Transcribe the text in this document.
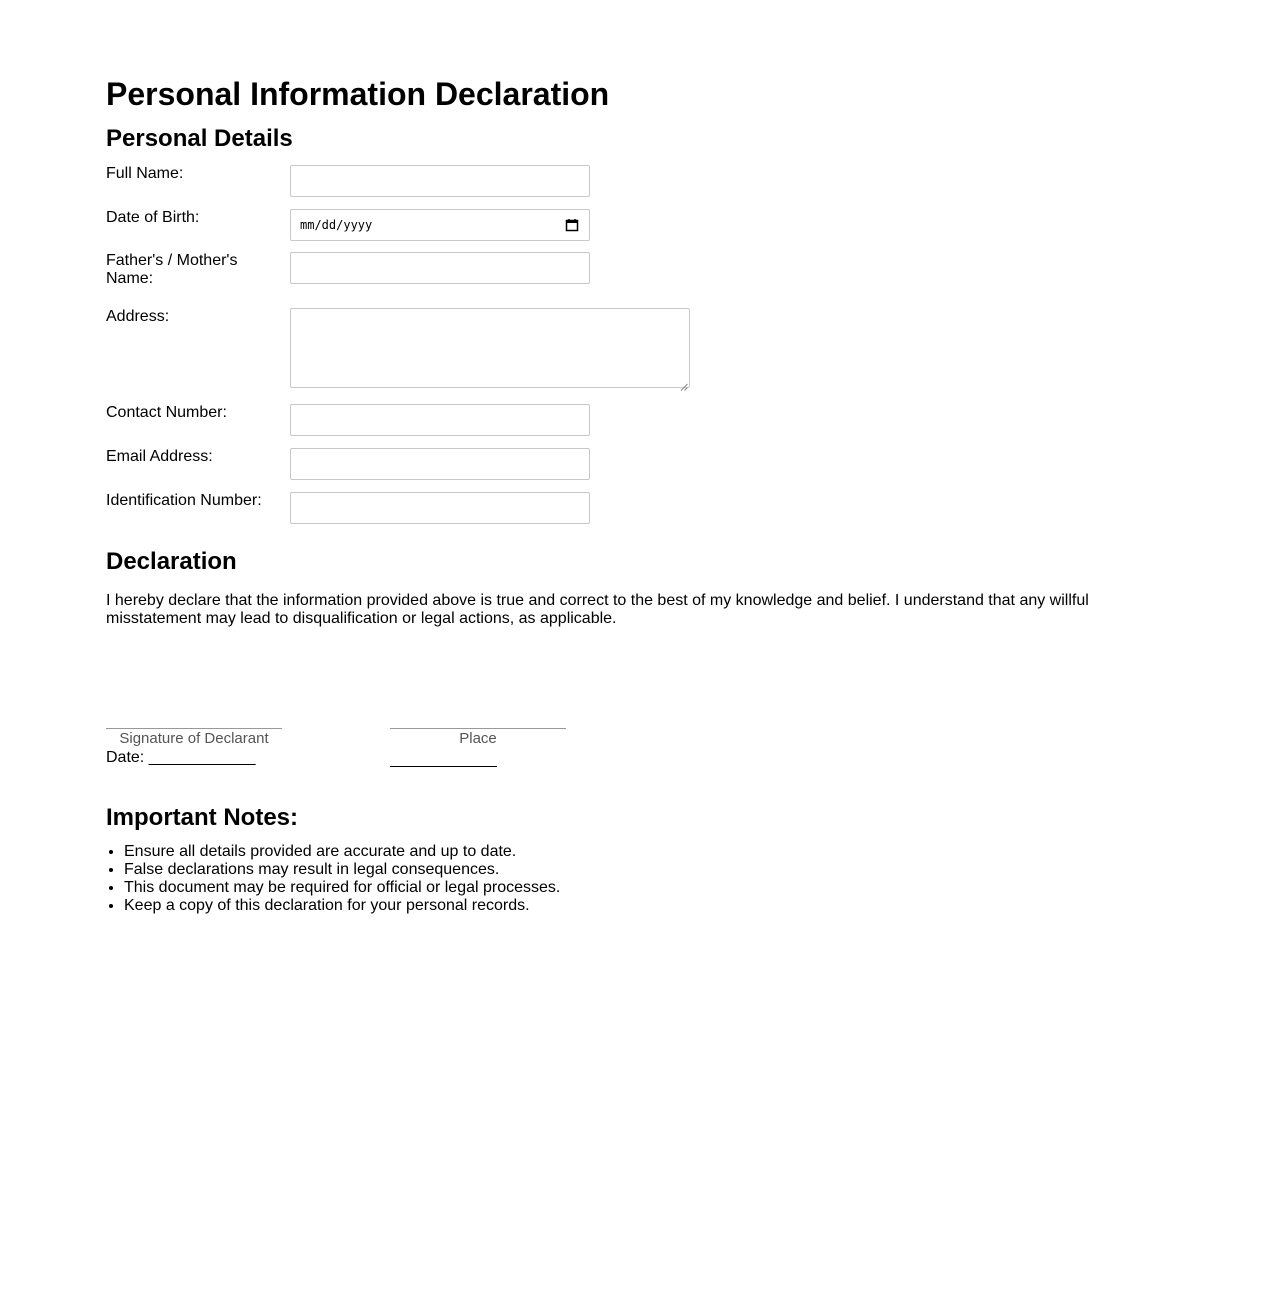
Personal Information Declaration
Personal Details
Full Name:
Date of Birth:	mm/dd/yyyy
Father's / Mother's Name:
Address:
Contact Number:
Email Address:
Identification Number:
Declaration

I hereby declare that the information provided above is true and correct to the best of my knowledge and belief. I understand that any willful misstatement may lead to disqualification or legal actions, as applicable.

Signature of Declarant	Place
Date: ____________
Important Notes:
• Ensure all details provided are accurate and up to date.
• False declarations may result in legal consequences.
• This document may be required for official or legal processes.
• Keep a copy of this declaration for your personal records.
